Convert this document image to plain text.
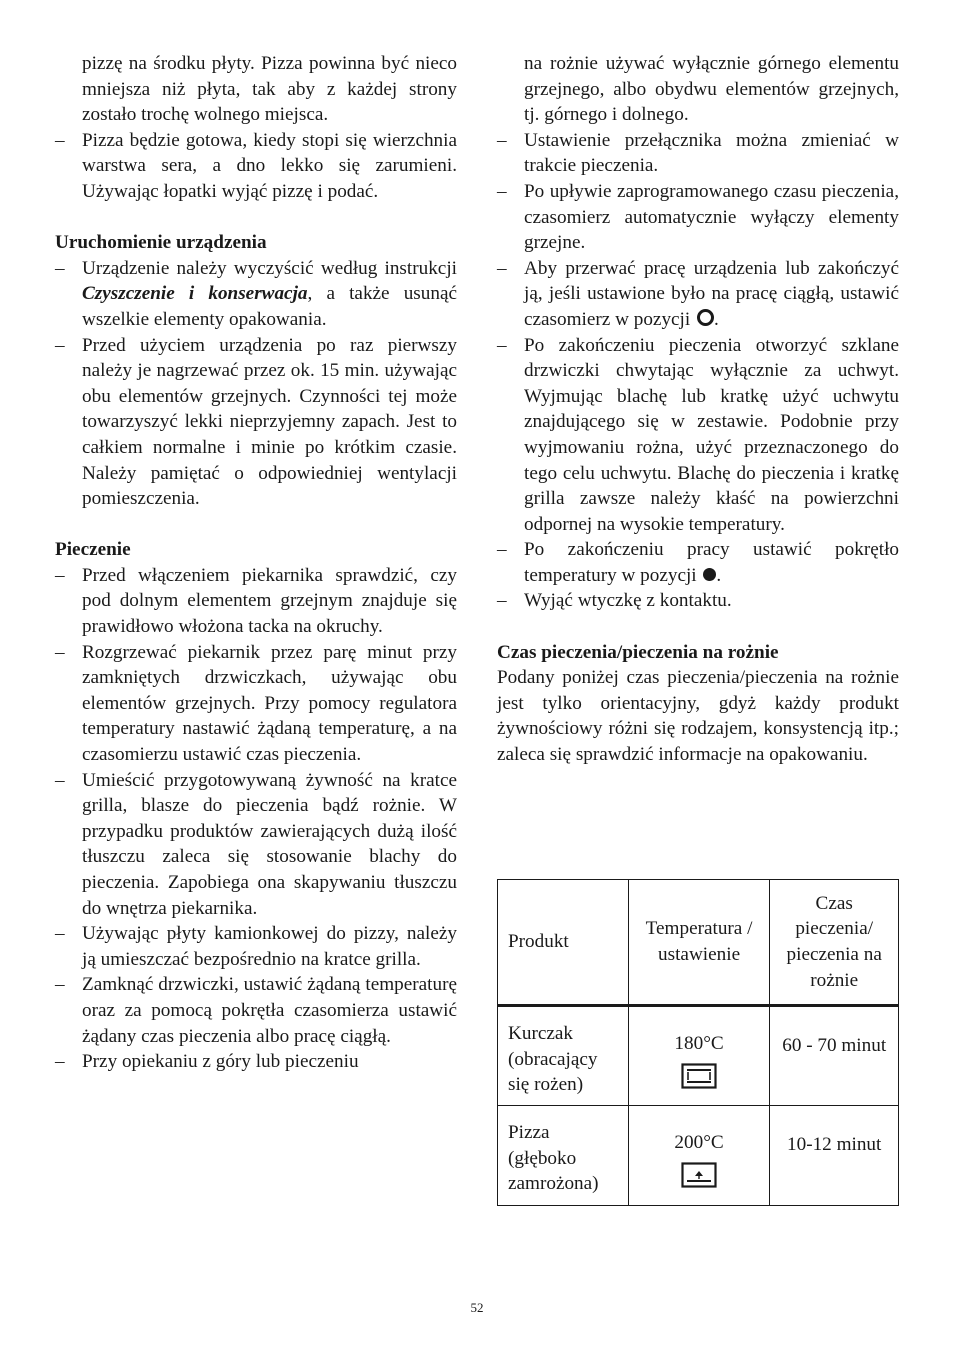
pizzę na środku płyty. Pizza powinna być nieco mniejsza niż płyta, tak aby z każdej strony zostało trochę wolnego miejsca.

– Pizza będzie gotowa, kiedy stopi się wierzchnia warstwa sera, a dno lekko się zarumieni. Używając łopatki wyjąć pizzę i podać.

Uruchomienie urządzenia

– Urządzenie należy wyczyścić według instrukcji Czyszczenie i konserwacja, a także usunąć wszelkie elementy opakowania.
– Przed użyciem urządzenia po raz pierwszy należy je nagrzewać przez ok. 15 min. używając obu elementów grzejnych. Czynności tej może towarzyszyć lekki nieprzyjemny zapach. Jest to całkiem normalne i minie po krótkim czasie. Należy pamiętać o odpowiedniej wentylacji pomieszczenia.

Pieczenie

– Przed włączeniem piekarnika sprawdzić, czy pod dolnym elementem grzejnym znajduje się prawidłowo włożona tacka na okruchy.
– Rozgrzewać piekarnik przez parę minut przy zamkniętych drzwiczkach, używając obu elementów grzejnych. Przy pomocy regulatora temperatury nastawić żądaną temperaturę, a na czasomierzu ustawić czas pieczenia.
– Umieścić przygotowywaną żywność na kratce grilla, blasze do pieczenia bądź rożnie. W przypadku produktów zawierających dużą ilość tłuszczu zaleca się stosowanie blachy do pieczenia. Zapobiega ona skapywaniu tłuszczu do wnętrza piekarnika.
– Używając płyty kamionkowej do pizzy, należy ją umieszczać bezpośrednio na kratce grilla.
– Zamknąć drzwiczki, ustawić żądaną temperaturę oraz za pomocą pokrętła czasomierza ustawić żądany czas pieczenia albo pracę ciągłą.
– Przy opiekaniu z góry lub pieczeniu

na rożnie używać wyłącznie górnego elementu grzejnego, albo obydwu elementów grzejnych, tj. górnego i dolnego.

– Ustawienie przełącznika można zmieniać w trakcie pieczenia.
– Po upływie zaprogramowanego czasu pieczenia, czasomierz automatycznie wyłączy elementy grzejne.
– Aby przerwać pracę urządzenia lub zakończyć ją, jeśli ustawione było na pracę ciągłą, ustawić czasomierz w pozycji .
– Po zakończeniu pieczenia otworzyć szklane drzwiczki chwytając wyłącznie za uchwyt. Wyjmując blachę lub kratkę użyć uchwytu znajdującego się w zestawie. Podobnie przy wyjmowaniu rożna, użyć przeznaczonego do tego celu uchwytu. Blachę do pieczenia i kratkę grilla zawsze należy kłaść na powierzchni odpornej na wysokie temperatury.
– Po zakończeniu pracy ustawić pokrętło temperatury w pozycji .
– Wyjąć wtyczkę z kontaktu.

Czas pieczenia/pieczenia na rożnie

Podany poniżej czas pieczenia/pieczenia na rożnie jest tylko orientacyjny, gdyż każdy produkt żywnościowy różni się rodzajem, konsystencją itp.; zaleca się sprawdzić informacje na opakowaniu.

Produkt	Temperatura / ustawienie	Czas pieczenia/ pieczenia na rożnie
Kurczak (obracający się rożen)	180°C	60 - 70 minut
Pizza (głęboko zamrożona)	200°C	10-12 minut
52
